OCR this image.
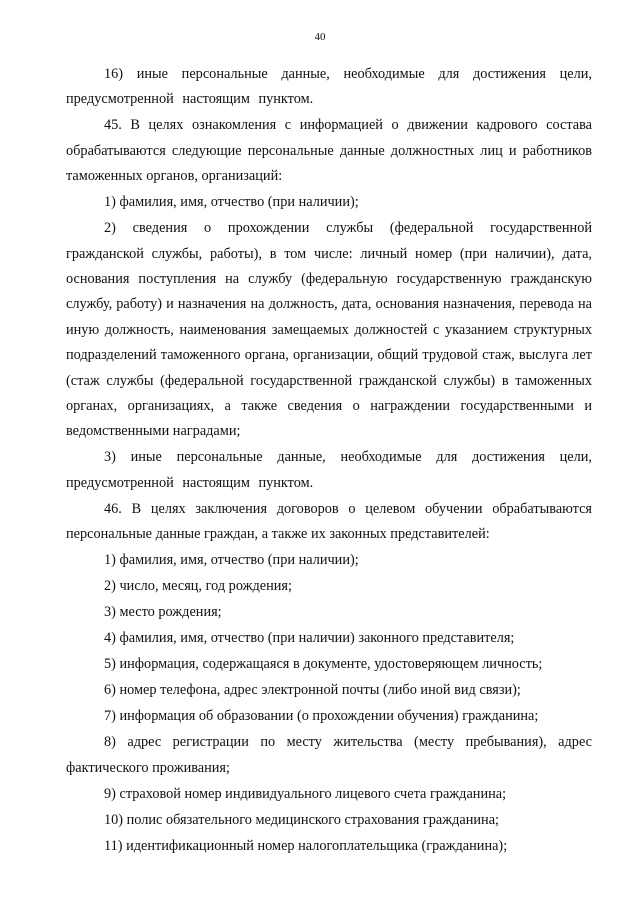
40

16) иные персональные данные, необходимые для достижения цели, предусмотренной настоящим пунктом.

45. В целях ознакомления с информацией о движении кадрового состава обрабатываются следующие персональные данные должностных лиц и работников таможенных органов, организаций:

1) фамилия, имя, отчество (при наличии);

2) сведения о прохождении службы (федеральной государственной гражданской службы, работы), в том числе: личный номер (при наличии), дата, основания поступления на службу (федеральную государственную гражданскую службу, работу) и назначения на должность, дата, основания назначения, перевода на иную должность, наименования замещаемых должностей с указанием структурных подразделений таможенного органа, организации, общий трудовой стаж, выслуга лет (стаж службы (федеральной государственной гражданской службы) в таможенных органах, организациях, а также сведения о награждении государственными и ведомственными наградами;

3) иные персональные данные, необходимые для достижения цели, предусмотренной настоящим пунктом.

46. В целях заключения договоров о целевом обучении обрабатываются персональные данные граждан, а также их законных представителей:

1) фамилия, имя, отчество (при наличии);

2) число, месяц, год рождения;

3) место рождения;

4) фамилия, имя, отчество (при наличии) законного представителя;

5) информация, содержащаяся в документе, удостоверяющем личность;

6) номер телефона, адрес электронной почты (либо иной вид связи);

7) информация об образовании (о прохождении обучения) гражданина;

8) адрес регистрации по месту жительства (месту пребывания), адрес фактического проживания;

9) страховой номер индивидуального лицевого счета гражданина;

10) полис обязательного медицинского страхования гражданина;

11) идентификационный номер налогоплательщика (гражданина);
